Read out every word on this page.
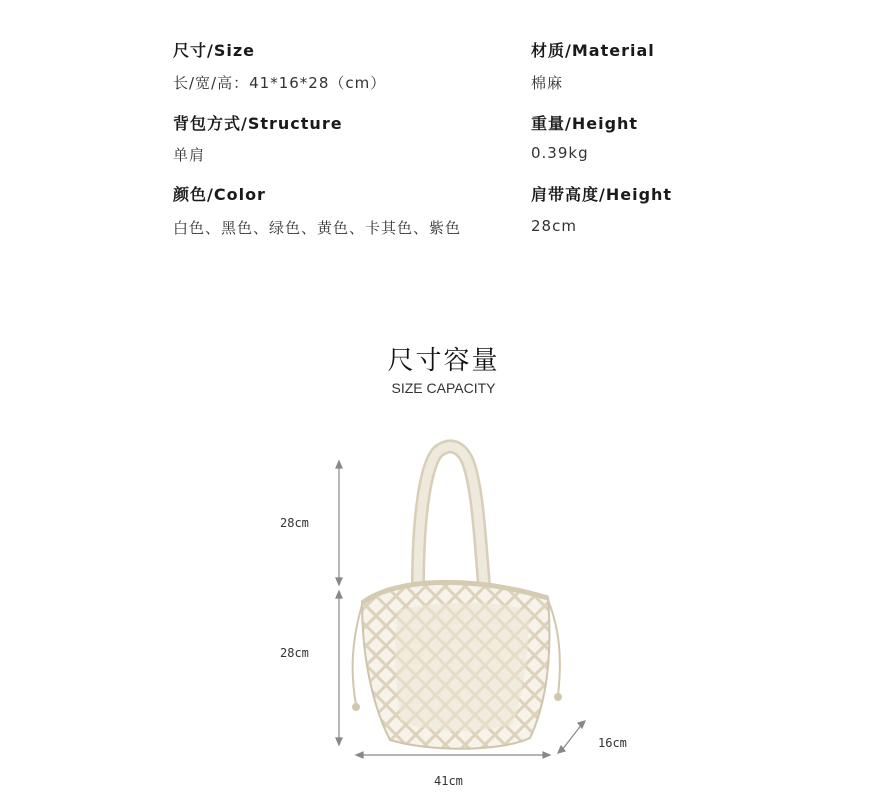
尺寸/Size
长/宽/高：41*16*28（cm）
材质/Material
棉麻
背包方式/Structure
单肩
重量/Height
0.39kg
颜色/Color
白色、黑色、绿色、黄色、卡其色、紫色
肩带高度/Height
28cm
尺寸容量
SIZE CAPACITY
28cm
28cm
16cm
41cm
